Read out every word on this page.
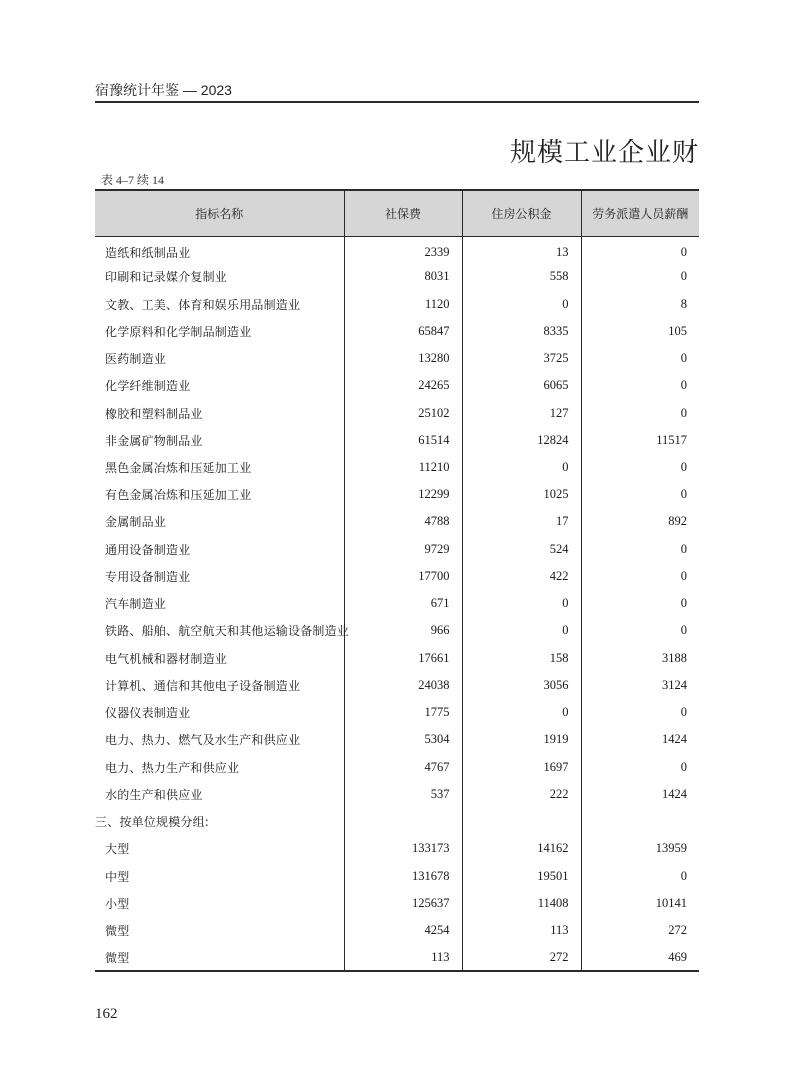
宿豫统计年鉴 — 2023
规模工业企业财
表 4–7 续 14
指标名称	社保费	住房公积金	劳务派遣人员薪酬
造纸和纸制品业	2339	13	0
印刷和记录媒介复制业	8031	558	0
文教、工美、体育和娱乐用品制造业	1120	0	8
化学原料和化学制品制造业	65847	8335	105
医药制造业	13280	3725	0
化学纤维制造业	24265	6065	0
橡胶和塑料制品业	25102	127	0
非金属矿物制品业	61514	12824	11517
黑色金属冶炼和压延加工业	11210	0	0
有色金属冶炼和压延加工业	12299	1025	0
金属制品业	4788	17	892
通用设备制造业	9729	524	0
专用设备制造业	17700	422	0
汽车制造业	671	0	0
铁路、船舶、航空航天和其他运输设备制造业	966	0	0
电气机械和器材制造业	17661	158	3188
计算机、通信和其他电子设备制造业	24038	3056	3124
仪器仪表制造业	1775	0	0
电力、热力、燃气及水生产和供应业	5304	1919	1424
电力、热力生产和供应业	4767	1697	0
水的生产和供应业	537	222	1424
三、按单位规模分组:			
大型	133173	14162	13959
中型	131678	19501	0
小型	125637	11408	10141
微型	4254	113	272
微型	113	272	469
162
